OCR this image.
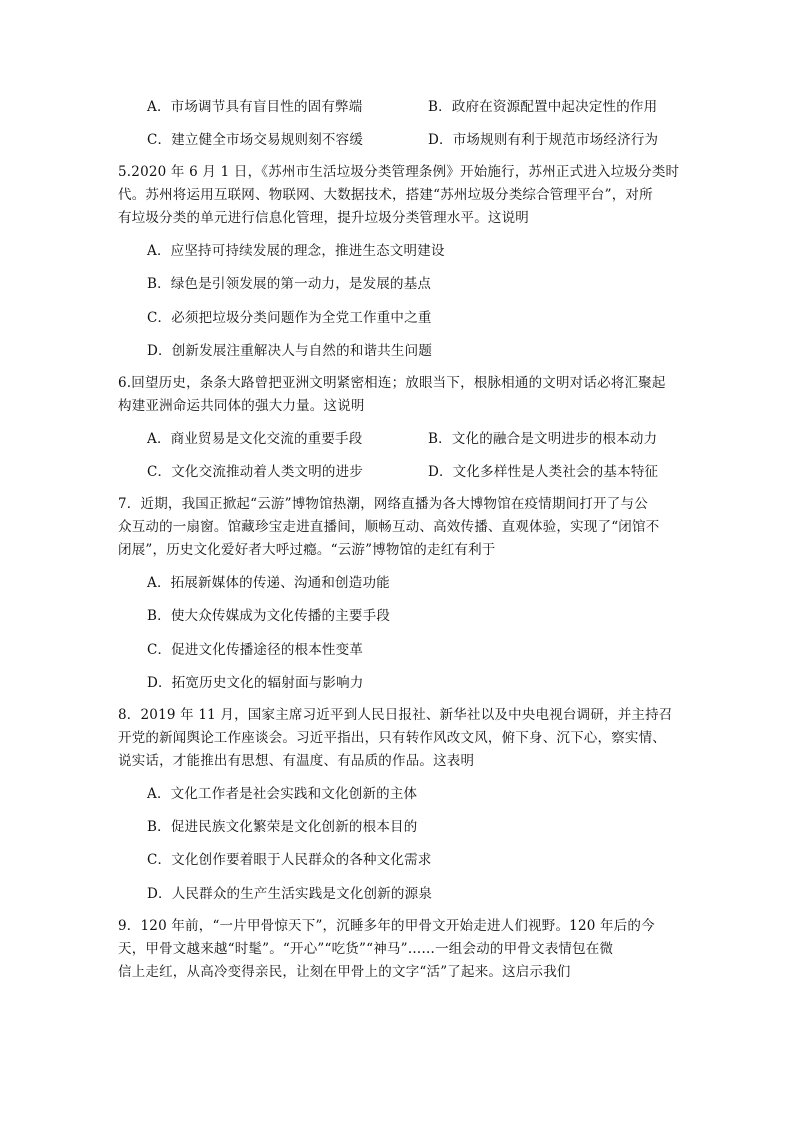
A．市场调节具有盲目性的固有弊端	B．政府在资源配置中起决定性的作用
C．建立健全市场交易规则刻不容缓	D．市场规则有利于规范市场经济行为
5.2020 年 6 月 1 日，《苏州市生活垃圾分类管理条例》开始施行，苏州正式进入垃圾分类时
代。苏州将运用互联网、物联网、大数据技术，搭建“苏州垃圾分类综合管理平台”，对所
有垃圾分类的单元进行信息化管理，提升垃圾分类管理水平。这说明
A．应坚持可持续发展的理念，推进生态文明建设
B．绿色是引领发展的第一动力，是发展的基点
C．必须把垃圾分类问题作为全党工作重中之重
D．创新发展注重解决人与自然的和谐共生问题
6.回望历史，条条大路曾把亚洲文明紧密相连；放眼当下，根脉相通的文明对话必将汇聚起
构建亚洲命运共同体的强大力量。这说明
A．商业贸易是文化交流的重要手段	B．文化的融合是文明进步的根本动力
C．文化交流推动着人类文明的进步	D．文化多样性是人类社会的基本特征
7．近期，我国正掀起“云游”博物馆热潮，网络直播为各大博物馆在疫情期间打开了与公
众互动的一扇窗。馆藏珍宝走进直播间，顺畅互动、高效传播、直观体验，实现了“闭馆不
闭展”，历史文化爱好者大呼过瘾。“云游”博物馆的走红有利于
A．拓展新媒体的传递、沟通和创造功能
B．使大众传媒成为文化传播的主要手段
C．促进文化传播途径的根本性变革
D．拓宽历史文化的辐射面与影响力
8．2019 年 11 月，国家主席习近平到人民日报社、新华社以及中央电视台调研，并主持召
开党的新闻舆论工作座谈会。习近平指出，只有转作风改文风，俯下身、沉下心，察实情、
说实话，才能推出有思想、有温度、有品质的作品。这表明
A．文化工作者是社会实践和文化创新的主体
B．促进民族文化繁荣是文化创新的根本目的
C．文化创作要着眼于人民群众的各种文化需求
D．人民群众的生产生活实践是文化创新的源泉
9．120 年前，“一片甲骨惊天下”，沉睡多年的甲骨文开始走进人们视野。120 年后的今
天，甲骨文越来越“时髦”。“开心”“吃货”“神马”……一组会动的甲骨文表情包在微
信上走红，从高冷变得亲民，让刻在甲骨上的文字“活”了起来。这启示我们
